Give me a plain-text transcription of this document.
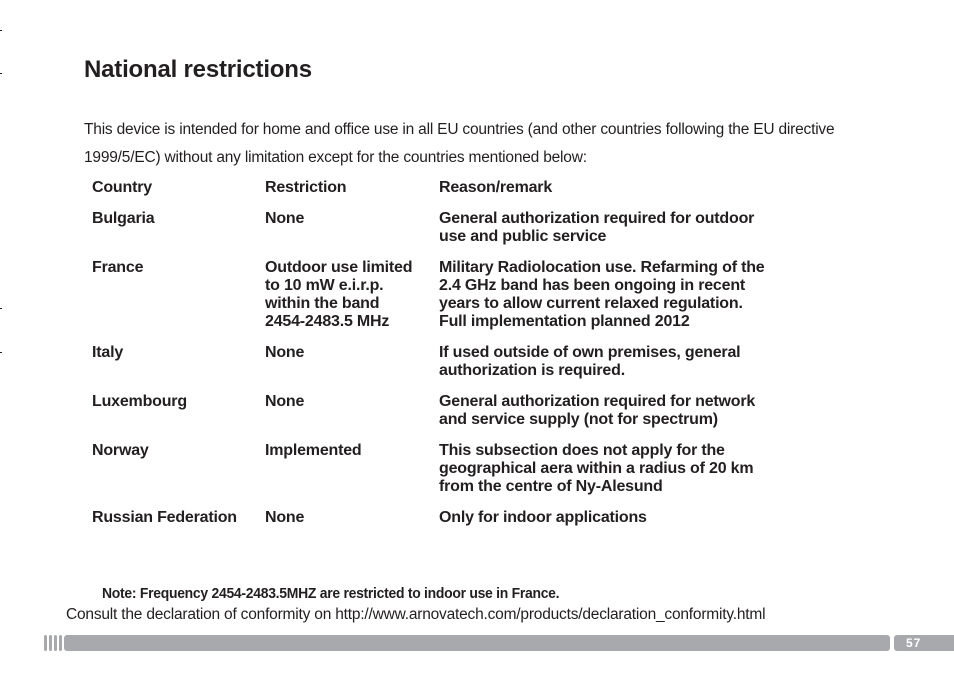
National restrictions
This device is intended for home and office use in all EU countries (and other countries following the EU directive 1999/5/EC) without any limitation except for the countries mentioned below:
Country	Restriction	Reason/remark
Bulgaria	None	General authorization required for outdoor use and public service
France	Outdoor use limited to 10 mW e.i.r.p. within the band 2454-2483.5 MHz	Military Radiolocation use. Refarming of the 2.4 GHz band has been ongoing in recent years to allow current relaxed regulation. Full implementation planned 2012
Italy	None	If used outside of own premises, general authorization is required.
Luxembourg	None	General authorization required for network and service supply (not for spectrum)
Norway	Implemented	This subsection does not apply for the geographical aera within a radius of 20 km from the centre of Ny-Alesund
Russian Federation	None	Only for indoor applications
Note: Frequency 2454-2483.5MHZ are restricted to indoor use in France.
Consult the declaration of conformity on http://www.arnovatech.com/products/declaration_conformity.html
57
